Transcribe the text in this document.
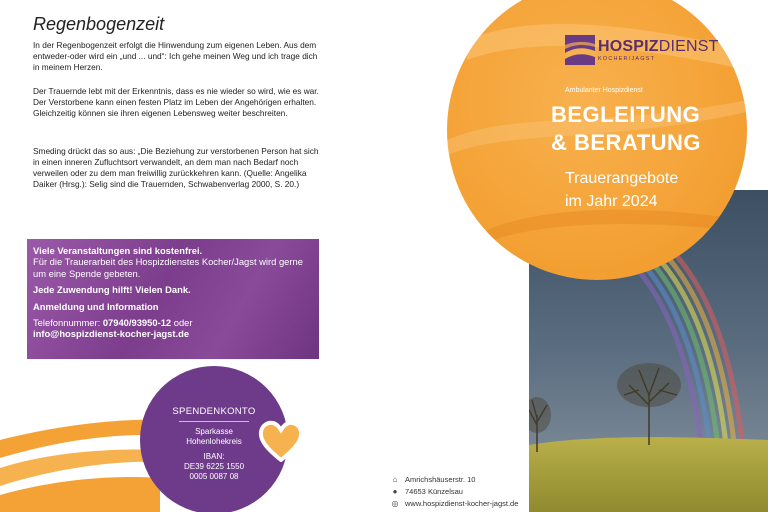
Regenbogenzeit

In der Regenbogenzeit erfolgt die Hinwendung zum eigenen Leben. Aus dem entweder-oder wird ein „und ... und“: Ich gehe meinen Weg und ich trage dich in meinem Herzen.

Der Trauernde lebt mit der Erkenntnis, dass es nie wieder so wird, wie es war. Der Verstorbene kann einen festen Platz im Leben der Angehörigen erhalten. Gleichzeitig können sie ihren eigenen Lebensweg weiter beschreiten.

Smeding drückt das so aus: „Die Beziehung zur verstorbenen Person hat sich in einen inneren Zufluchtsort verwandelt, an dem man nach Bedarf noch verweilen oder zu dem man freiwillig zurückkehren kann. (Quelle: Angelika Daiker (Hrsg.): Selig sind die Trauernden, Schwabenverlag 2000, S. 20.)

Viele Veranstaltungen sind kostenfrei.
Für die Trauerarbeit des Hospizdienstes Kocher/Jagst wird gerne um eine Spende gebeten.
Jede Zuwendung hilft! Vielen Dank.
Anmeldung und Information
Telefonnummer: 07940/93950-12 oder
info@hospizdienst-kocher-jagst.de
SPENDENKONTO
Sparkasse
Hohenlohekreis
IBAN:
DE39 6225 1550
0005 0087 08
HOSPIZDIENST
KOCHER/JAGST
Ambulanter Hospizdienst
BEGLEITUNG
& BERATUNG
Trauerangebote
im Jahr 2024
⌂ Amrichshäuserstr. 10
● 74653 Künzelsau
◎ www.hospizdienst-kocher-jagst.de
